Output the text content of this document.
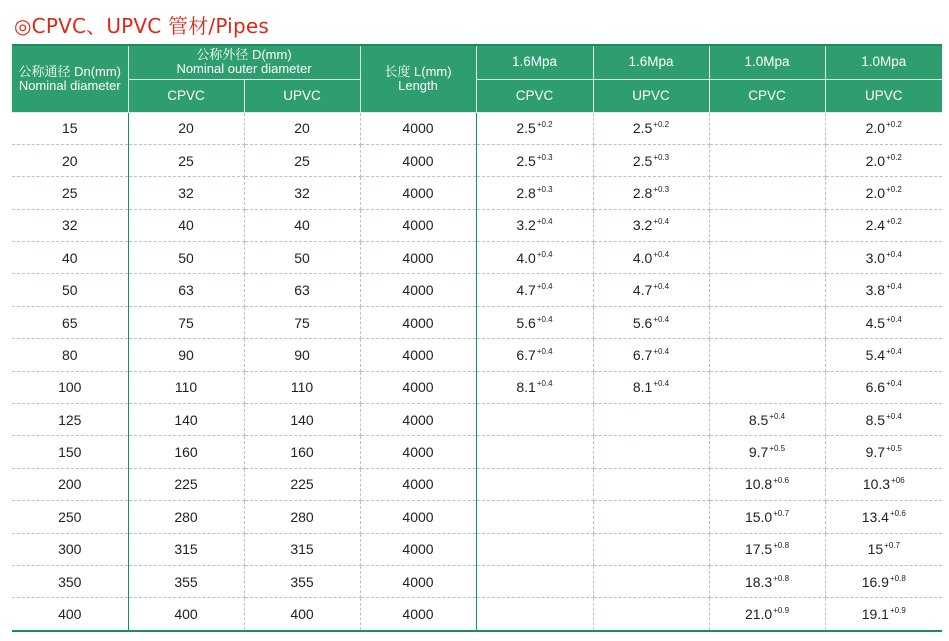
◎CPVC、UPVC 管材/Pipes
公称通径 Dn(mm)
Nominal diameter	公称外径 D(mm)
Nominal outer diameter		长度 L(mm)
Length	1.6Mpa	1.6Mpa	1.0Mpa	1.0Mpa
	CPVC	UPVC		CPVC	UPVC	CPVC	UPVC
15	20	20	4000	$2.5^{+0.2}$	$2.5^{+0.2}$		$2.0^{+0.2}$
20	25	25	4000	$2.5^{+0.3}$	$2.5^{+0.3}$		$2.0^{+0.2}$
25	32	32	4000	$2.8^{+0.3}$	$2.8^{+0.3}$		$2.0^{+0.2}$
32	40	40	4000	$3.2^{+0.4}$	$3.2^{+0.4}$		$2.4^{+0.2}$
40	50	50	4000	$4.0^{+0.4}$	$4.0^{+0.4}$		$3.0^{+0.4}$
50	63	63	4000	$4.7^{+0.4}$	$4.7^{+0.4}$		$3.8^{+0.4}$
65	75	75	4000	$5.6^{+0.4}$	$5.6^{+0.4}$		$4.5^{+0.4}$
80	90	90	4000	$6.7^{+0.4}$	$6.7^{+0.4}$		$5.4^{+0.4}$
100	110	110	4000	$8.1^{+0.4}$	$8.1^{+0.4}$		$6.6^{+0.4}$
125	140	140	4000			$8.5^{+0.4}$	$8.5^{+0.4}$
150	160	160	4000			$9.7^{+0.5}$	$9.7^{+0.5}$
200	225	225	4000			$10.8^{+0.6}$	$10.3^{+06}$
250	280	280	4000			$15.0^{+0.7}$	$13.4^{+0.6}$
300	315	315	4000			$17.5^{+0.8}$	$15^{+0.7}$
350	355	355	4000			$18.3^{+0.8}$	$16.9^{+0.8}$
400	400	400	4000			$21.0^{+0.9}$	$19.1^{+0.9}$
